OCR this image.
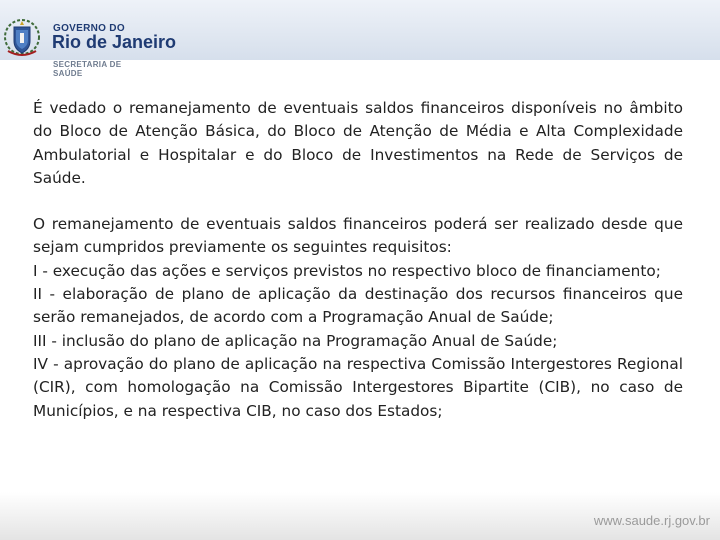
GOVERNO DO
Rio de Janeiro
SECRETARIA DE
SAÚDE

É vedado o remanejamento de eventuais saldos financeiros disponíveis no âmbito do Bloco de Atenção Básica, do Bloco de Atenção de Média e Alta Complexidade Ambulatorial e Hospitalar e do Bloco de Investimentos na Rede de Serviços de Saúde.

O remanejamento de eventuais saldos financeiros poderá ser realizado desde que sejam cumpridos previamente os seguintes requisitos:
I - execução das ações e serviços previstos no respectivo bloco de financiamento;
II - elaboração de plano de aplicação da destinação dos recursos financeiros que serão remanejados, de acordo com a Programação Anual de Saúde;
III - inclusão do plano de aplicação na Programação Anual de Saúde;
IV - aprovação do plano de aplicação na respectiva Comissão Intergestores Regional (CIR), com homologação na Comissão Intergestores Bipartite (CIB), no caso de Municípios, e na respectiva CIB, no caso dos Estados;

www.saude.rj.gov.br
